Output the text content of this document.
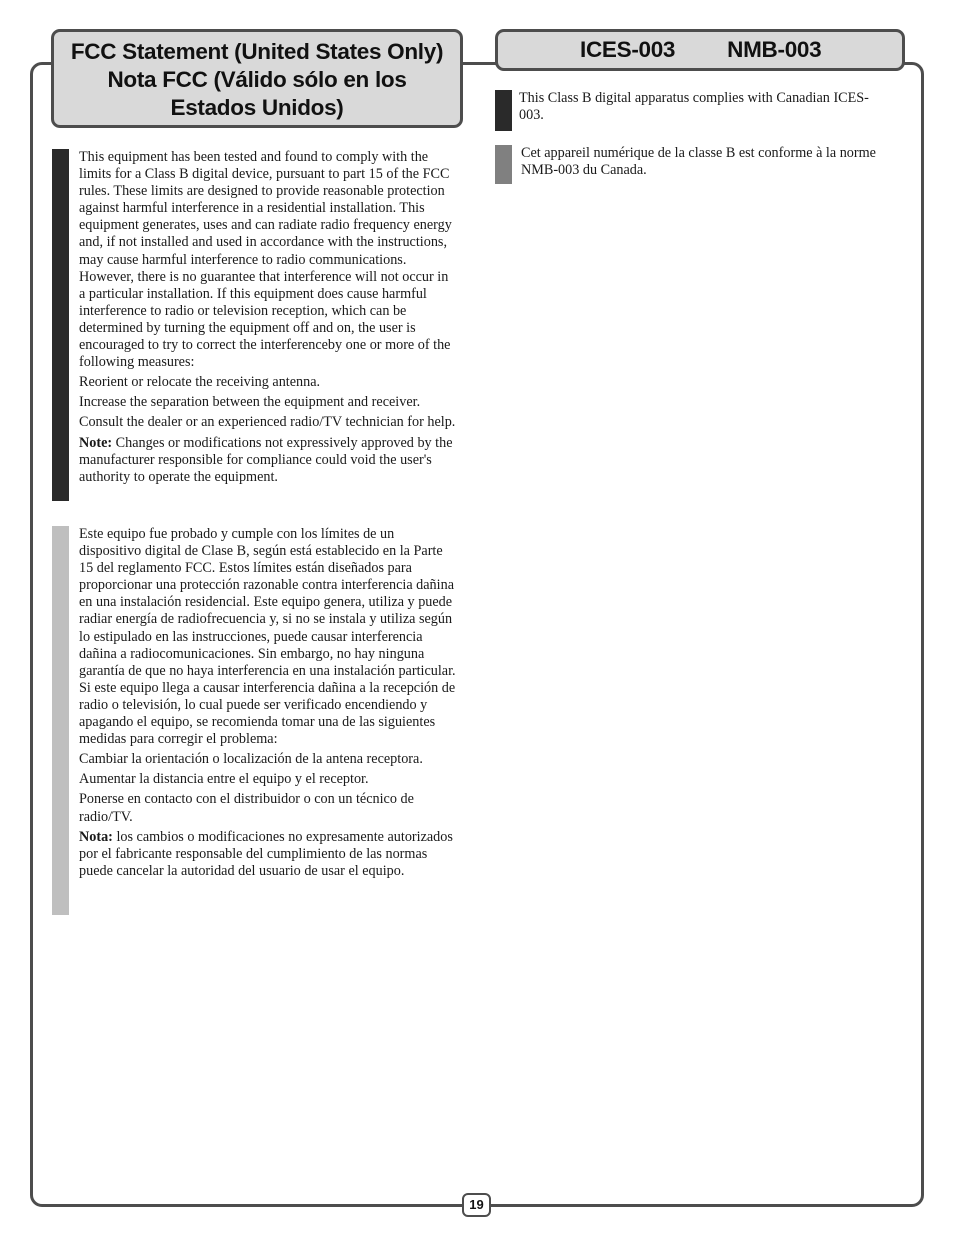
FCC Statement (United States Only)
Nota FCC (Válido sólo en los
Estados Unidos)
ICES-003 NMB-003

This equipment has been tested and found to comply with the limits for a Class B digital device, pursuant to part 15 of the FCC rules. These limits are designed to provide reasonable protection against harmful interference in a residential installation. This equipment generates, uses and can radiate radio frequency energy and, if not installed and used in accordance with the instructions, may cause harmful interference to radio communications. However, there is no guarantee that interference will not occur in a particular installation. If this equipment does cause harmful interference to radio or television reception, which can be determined by turning the equipment off and on, the user is encouraged to try to correct the interferenceby one or more of the following measures:

Reorient or relocate the receiving antenna.

Increase the separation between the equipment and receiver.

Consult the dealer or an experienced radio/TV technician for help.

Note: Changes or modifications not expressively approved by the manufacturer responsible for compliance could void the user's authority to operate the equipment.

Este equipo fue probado y cumple con los límites de un dispositivo digital de Clase B, según está establecido en la Parte 15 del reglamento FCC. Estos límites están diseñados para proporcionar una protección razonable contra interferencia dañina en una instalación residencial. Este equipo genera, utiliza y puede radiar energía de radiofrecuencia y, si no se instala y utiliza según lo estipulado en las instrucciones, puede causar interferencia dañina a radiocomunicaciones. Sin embargo, no hay ninguna garantía de que no haya interferencia en una instalación particular. Si este equipo llega a causar interferencia dañina a la recepción de radio o televisión, lo cual puede ser verificado encendiendo y apagando el equipo, se recomienda tomar una de las siguientes medidas para corregir el problema:

Cambiar la orientación o localización de la antena receptora.

Aumentar la distancia entre el equipo y el receptor.

Ponerse en contacto con el distribuidor o con un técnico de radio/TV.

Nota: los cambios o modificaciones no expresamente autorizados por el fabricante responsable del cumplimiento de las normas puede cancelar la autoridad del usuario de usar el equipo.

This Class B digital apparatus complies with Canadian ICES-003.
Cet appareil numérique de la classe B est conforme à la norme NMB-003 du Canada.
19
